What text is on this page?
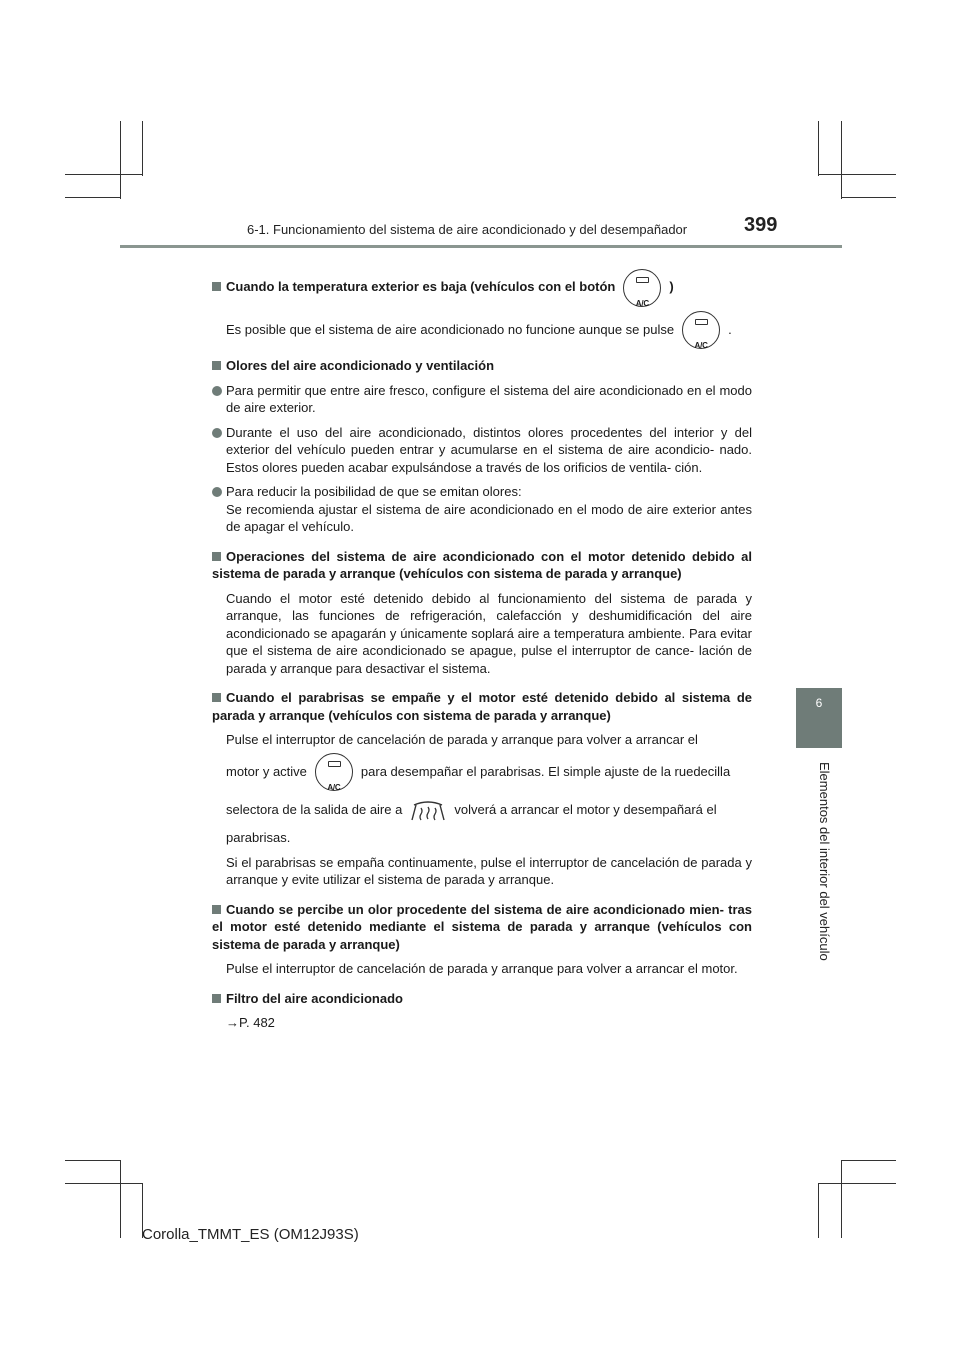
6-1. Funcionamiento del sistema de aire acondicionado y del desempañador	399
6
Elementos del interior del vehículo
Cuando la temperatura exterior es baja (vehículos con el botón
A/C
)
Es posible que el sistema de aire acondicionado no funcione aunque se pulse
A/C
.
Olores del aire acondicionado y ventilación
Para permitir que entre aire fresco, configure el sistema del aire acondicionado en el modo de aire exterior.
Durante el uso del aire acondicionado, distintos olores procedentes del interior y del exterior del vehículo pueden entrar y acumularse en el sistema de aire acondicio- nado. Estos olores pueden acabar expulsándose a través de los orificios de ventila- ción.
Para reducir la posibilidad de que se emitan olores:
Se recomienda ajustar el sistema de aire acondicionado en el modo de aire exterior antes de apagar el vehículo.
Operaciones del sistema de aire acondicionado con el motor detenido debido al sistema de parada y arranque (vehículos con sistema de parada y arranque)
Cuando el motor esté detenido debido al funcionamiento del sistema de parada y arranque, las funciones de refrigeración, calefacción y deshumidificación del aire acondicionado se apagarán y únicamente soplará aire a temperatura ambiente. Para evitar que el sistema de aire acondicionado se apague, pulse el interruptor de cance- lación de parada y arranque para desactivar el sistema.
Cuando el parabrisas se empañe y el motor esté detenido debido al sistema de parada y arranque (vehículos con sistema de parada y arranque)
Pulse el interruptor de cancelación de parada y arranque para volver a arrancar el
motor y active
A/C
para desempañar el parabrisas. El simple ajuste de la ruedecilla
selectora de la salida de aire a	volverá a arrancar el motor y desempañará el
parabrisas.
Si el parabrisas se empaña continuamente, pulse el interruptor de cancelación de parada y arranque y evite utilizar el sistema de parada y arranque.
Cuando se percibe un olor procedente del sistema de aire acondicionado mien- tras el motor esté detenido mediante el sistema de parada y arranque (vehículos con sistema de parada y arranque)
Pulse el interruptor de cancelación de parada y arranque para volver a arrancar el motor.
Filtro del aire acondicionado
→P. 482
Corolla_TMMT_ES (OM12J93S)
